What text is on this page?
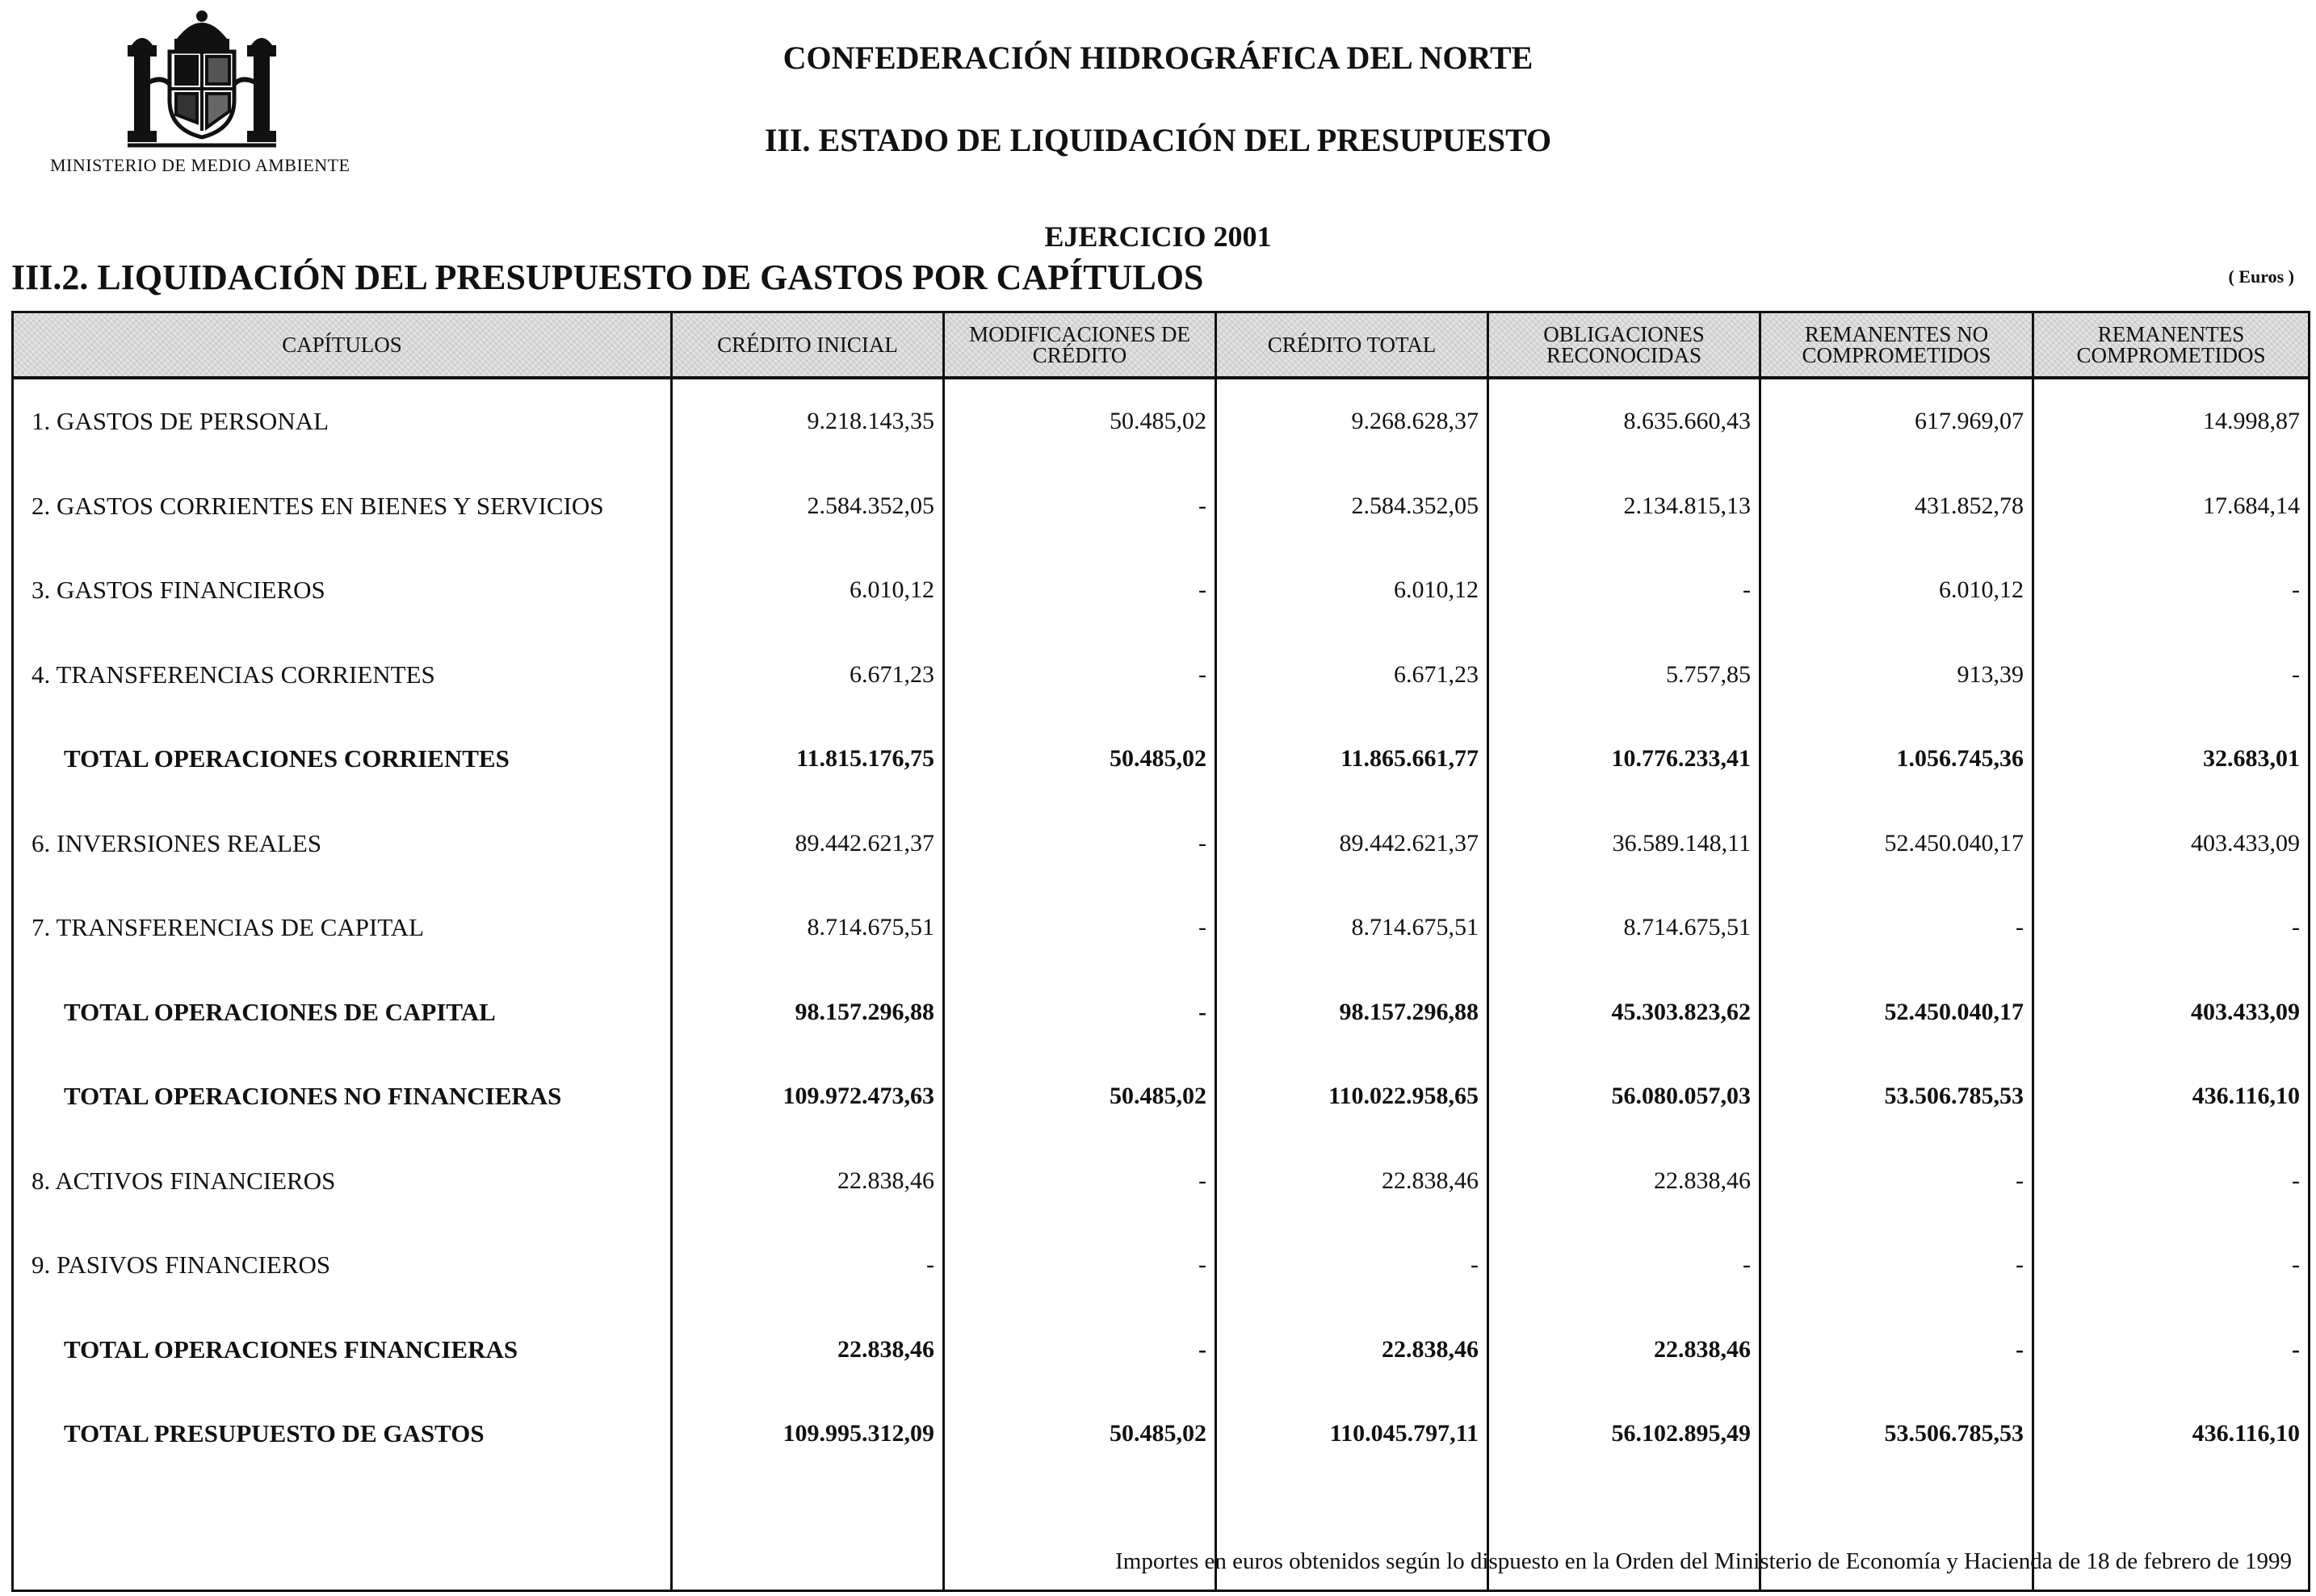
MINISTERIO DE MEDIO AMBIENTE
CONFEDERACIÓN HIDROGRÁFICA DEL NORTE
III. ESTADO DE LIQUIDACIÓN DEL PRESUPUESTO
EJERCICIO 2001
III.2. LIQUIDACIÓN DEL PRESUPUESTO DE GASTOS POR CAPÍTULOS	( Euros )
CAPÍTULOS	CRÉDITO INICIAL	MODIFICACIONES DE CRÉDITO	CRÉDITO TOTAL	OBLIGACIONES RECONOCIDAS	REMANENTES NO COMPROMETIDOS	REMANENTES COMPROMETIDOS
1. GASTOS DE PERSONAL	9.218.143,35	50.485,02	9.268.628,37	8.635.660,43	617.969,07	14.998,87
2. GASTOS CORRIENTES EN BIENES Y SERVICIOS	2.584.352,05	-	2.584.352,05	2.134.815,13	431.852,78	17.684,14
3. GASTOS FINANCIEROS	6.010,12	-	6.010,12	-	6.010,12	-
4. TRANSFERENCIAS CORRIENTES	6.671,23	-	6.671,23	5.757,85	913,39	-
TOTAL OPERACIONES CORRIENTES	11.815.176,75	50.485,02	11.865.661,77	10.776.233,41	1.056.745,36	32.683,01
6. INVERSIONES REALES	89.442.621,37	-	89.442.621,37	36.589.148,11	52.450.040,17	403.433,09
7. TRANSFERENCIAS DE CAPITAL	8.714.675,51	-	8.714.675,51	8.714.675,51	-	-
TOTAL OPERACIONES DE CAPITAL	98.157.296,88	-	98.157.296,88	45.303.823,62	52.450.040,17	403.433,09
TOTAL OPERACIONES NO FINANCIERAS	109.972.473,63	50.485,02	110.022.958,65	56.080.057,03	53.506.785,53	436.116,10
8. ACTIVOS FINANCIEROS	22.838,46	-	22.838,46	22.838,46	-	-
9. PASIVOS FINANCIEROS	-	-	-	-	-	-
TOTAL OPERACIONES FINANCIERAS	22.838,46	-	22.838,46	22.838,46	-	-
TOTAL PRESUPUESTO DE GASTOS	109.995.312,09	50.485,02	110.045.797,11	56.102.895,49	53.506.785,53	436.116,10

Importes en euros obtenidos según lo dispuesto en la Orden del Ministerio de Economía y Hacienda de 18 de febrero de 1999
